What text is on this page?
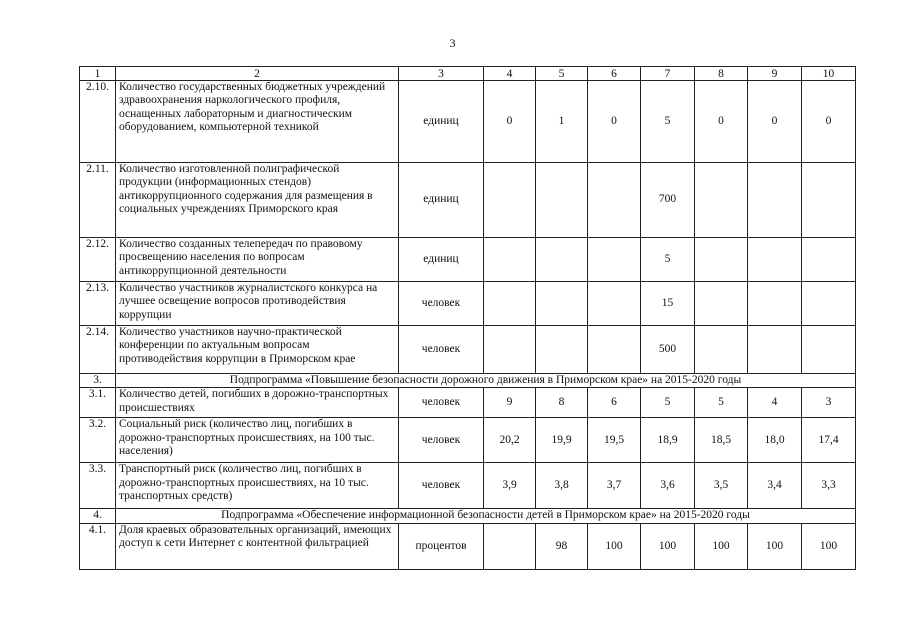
3
1	2	3	4	5	6	7	8	9	10
2.10.	Количество государственных бюджетных учреждений здравоохранения наркологического профиля, оснащенных лабораторным и диагностическим оборудованием, компьютерной техникой	единиц	0	1	0	5	0	0	0
2.11.	Количество изготовленной полиграфической продукции (информационных стендов) антикоррупционного содержания для размещения в социальных учреждениях Приморского края	единиц				700			
2.12.	Количество созданных телепередач по правовому просвещению населения по вопросам антикоррупционной деятельности	единиц				5			
2.13.	Количество участников журналистского конкурса на лучшее освещение вопросов противодействия коррупции	человек				15			
2.14.	Количество участников научно-практической конференции по актуальным вопросам противодействия коррупции в Приморском крае	человек				500			
3.	Подпрограмма «Повышение безопасности дорожного движения в Приморском крае» на 2015-2020 годы								
3.1.	Количество детей, погибших в дорожно-транспортных происшествиях	человек	9	8	6	5	5	4	3
3.2.	Социальный риск (количество лиц, погибших в дорожно-транспортных происшествиях, на 100 тыс. населения)	человек	20,2	19,9	19,5	18,9	18,5	18,0	17,4
3.3.	Транспортный риск (количество лиц, погибших в дорожно-транспортных происшествиях, на 10 тыс. транспортных средств)	человек	3,9	3,8	3,7	3,6	3,5	3,4	3,3
4.	Подпрограмма «Обеспечение информационной безопасности детей в Приморском крае» на 2015-2020 годы								
4.1.	Доля краевых образовательных организаций, имеющих доступ к сети Интернет с контентной фильтрацией	процентов		98	100	100	100	100	100
